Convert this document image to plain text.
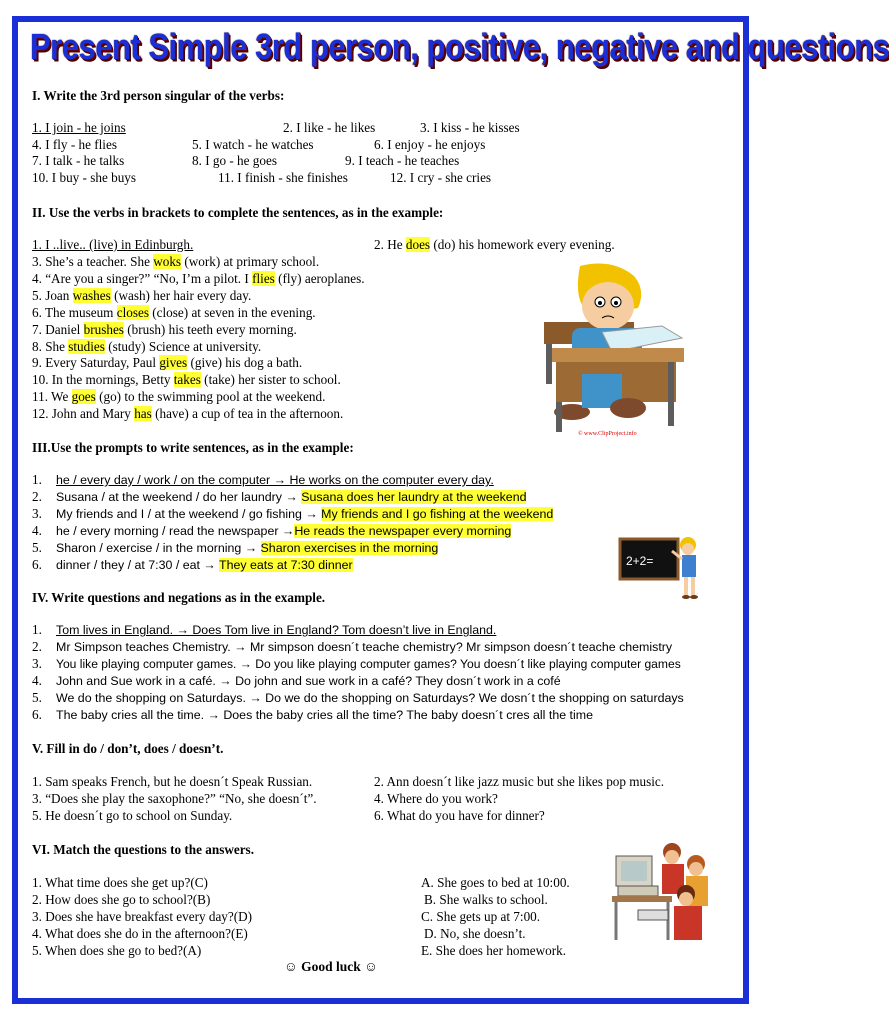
Present Simple 3rd person, positive, negative and questions
I. Write the 3rd person singular of the verbs:
1. I join - he joins
4. I fly - he flies
7. I talk - he talks
10. I buy - she buys
5. I watch - he watches
8. I go - he goes
11. I finish - she finishes
2. I like - he likes
9. I teach - he teaches
3. I kiss - he kisses
6. I enjoy - he enjoys
12. I cry - she cries
II. Use the verbs in brackets to complete the sentences, as in the example:
1. I ..live.. (live) in Edinburgh.	2. He does (do) his homework every evening.
3. She’s a teacher. She woks (work) at primary school.
4. “Are you a singer?” “No, I’m a pilot. I flies (fly) aeroplanes.
5. Joan washes (wash) her hair every day.
6. The museum closes (close) at seven in the evening.
7. Daniel brushes (brush) his teeth every morning.
8. She studies (study) Science at university.
9. Every Saturday, Paul gives (give) his dog a bath.
10. In the mornings, Betty takes (take) her sister to school.
11. We goes (go) to the swimming pool at the weekend.
12. John and Mary has (have) a cup of tea in the afternoon.
© www.ClipProject.info
III.Use the prompts to write sentences, as in the example:
1. he / every day / work / on the computer → He works on the computer every day.
2. Susana / at the weekend / do her laundry → Susana does her laundry at the weekend
3. My friends and I / at the weekend / go fishing → My friends and I go fishing at the weekend
4. he / every morning / read the newspaper →He reads the newspaper every morning
5. Sharon / exercise / in the morning → Sharon exercises in the morning
6. dinner / they / at 7:30 / eat → They eats at 7:30 dinner	2+2=
IV. Write questions and negations as in the example.
1. Tom lives in England. → Does Tom live in England? Tom doesn’t live in England.
2. Mr Simpson teaches Chemistry. → Mr simpson doesn´t teache chemistry? Mr simpson doesn´t teache chemistry
3. You like playing computer games. → Do you like playing computer games? You doesn´t like playing computer games
4. John and Sue work in a café. → Do john and sue work in a café? They dosn´t work in a cofé
5. We do the shopping on Saturdays. → Do we do the shopping on Saturdays? We dosn´t the shopping on saturdays
6. The baby cries all the time. → Does the baby cries all the time? The baby doesn´t cres all the time
V. Fill in do / don’t, does / doesn’t.
1. Sam speaks French, but he doesn´t Speak Russian.
3. “Does she play the saxophone?” “No, she doesn´t”.
5. He doesn´t go to school on Sunday.
2. Ann doesn´t like jazz music but she likes pop music.
4. Where do you work?
6. What do you have for dinner?
VI. Match the questions to the answers.
1. What time does she get up?(C)
2. How does she go to school?(B)
3. Does she have breakfast every day?(D)
4. What does she do in the afternoon?(E)
5. When does she go to bed?(A)
A. She goes to bed at 10:00.
B. She walks to school.
C. She gets up at 7:00.
D. No, she doesn’t.
E. She does her homework.
☺ Good luck ☺
